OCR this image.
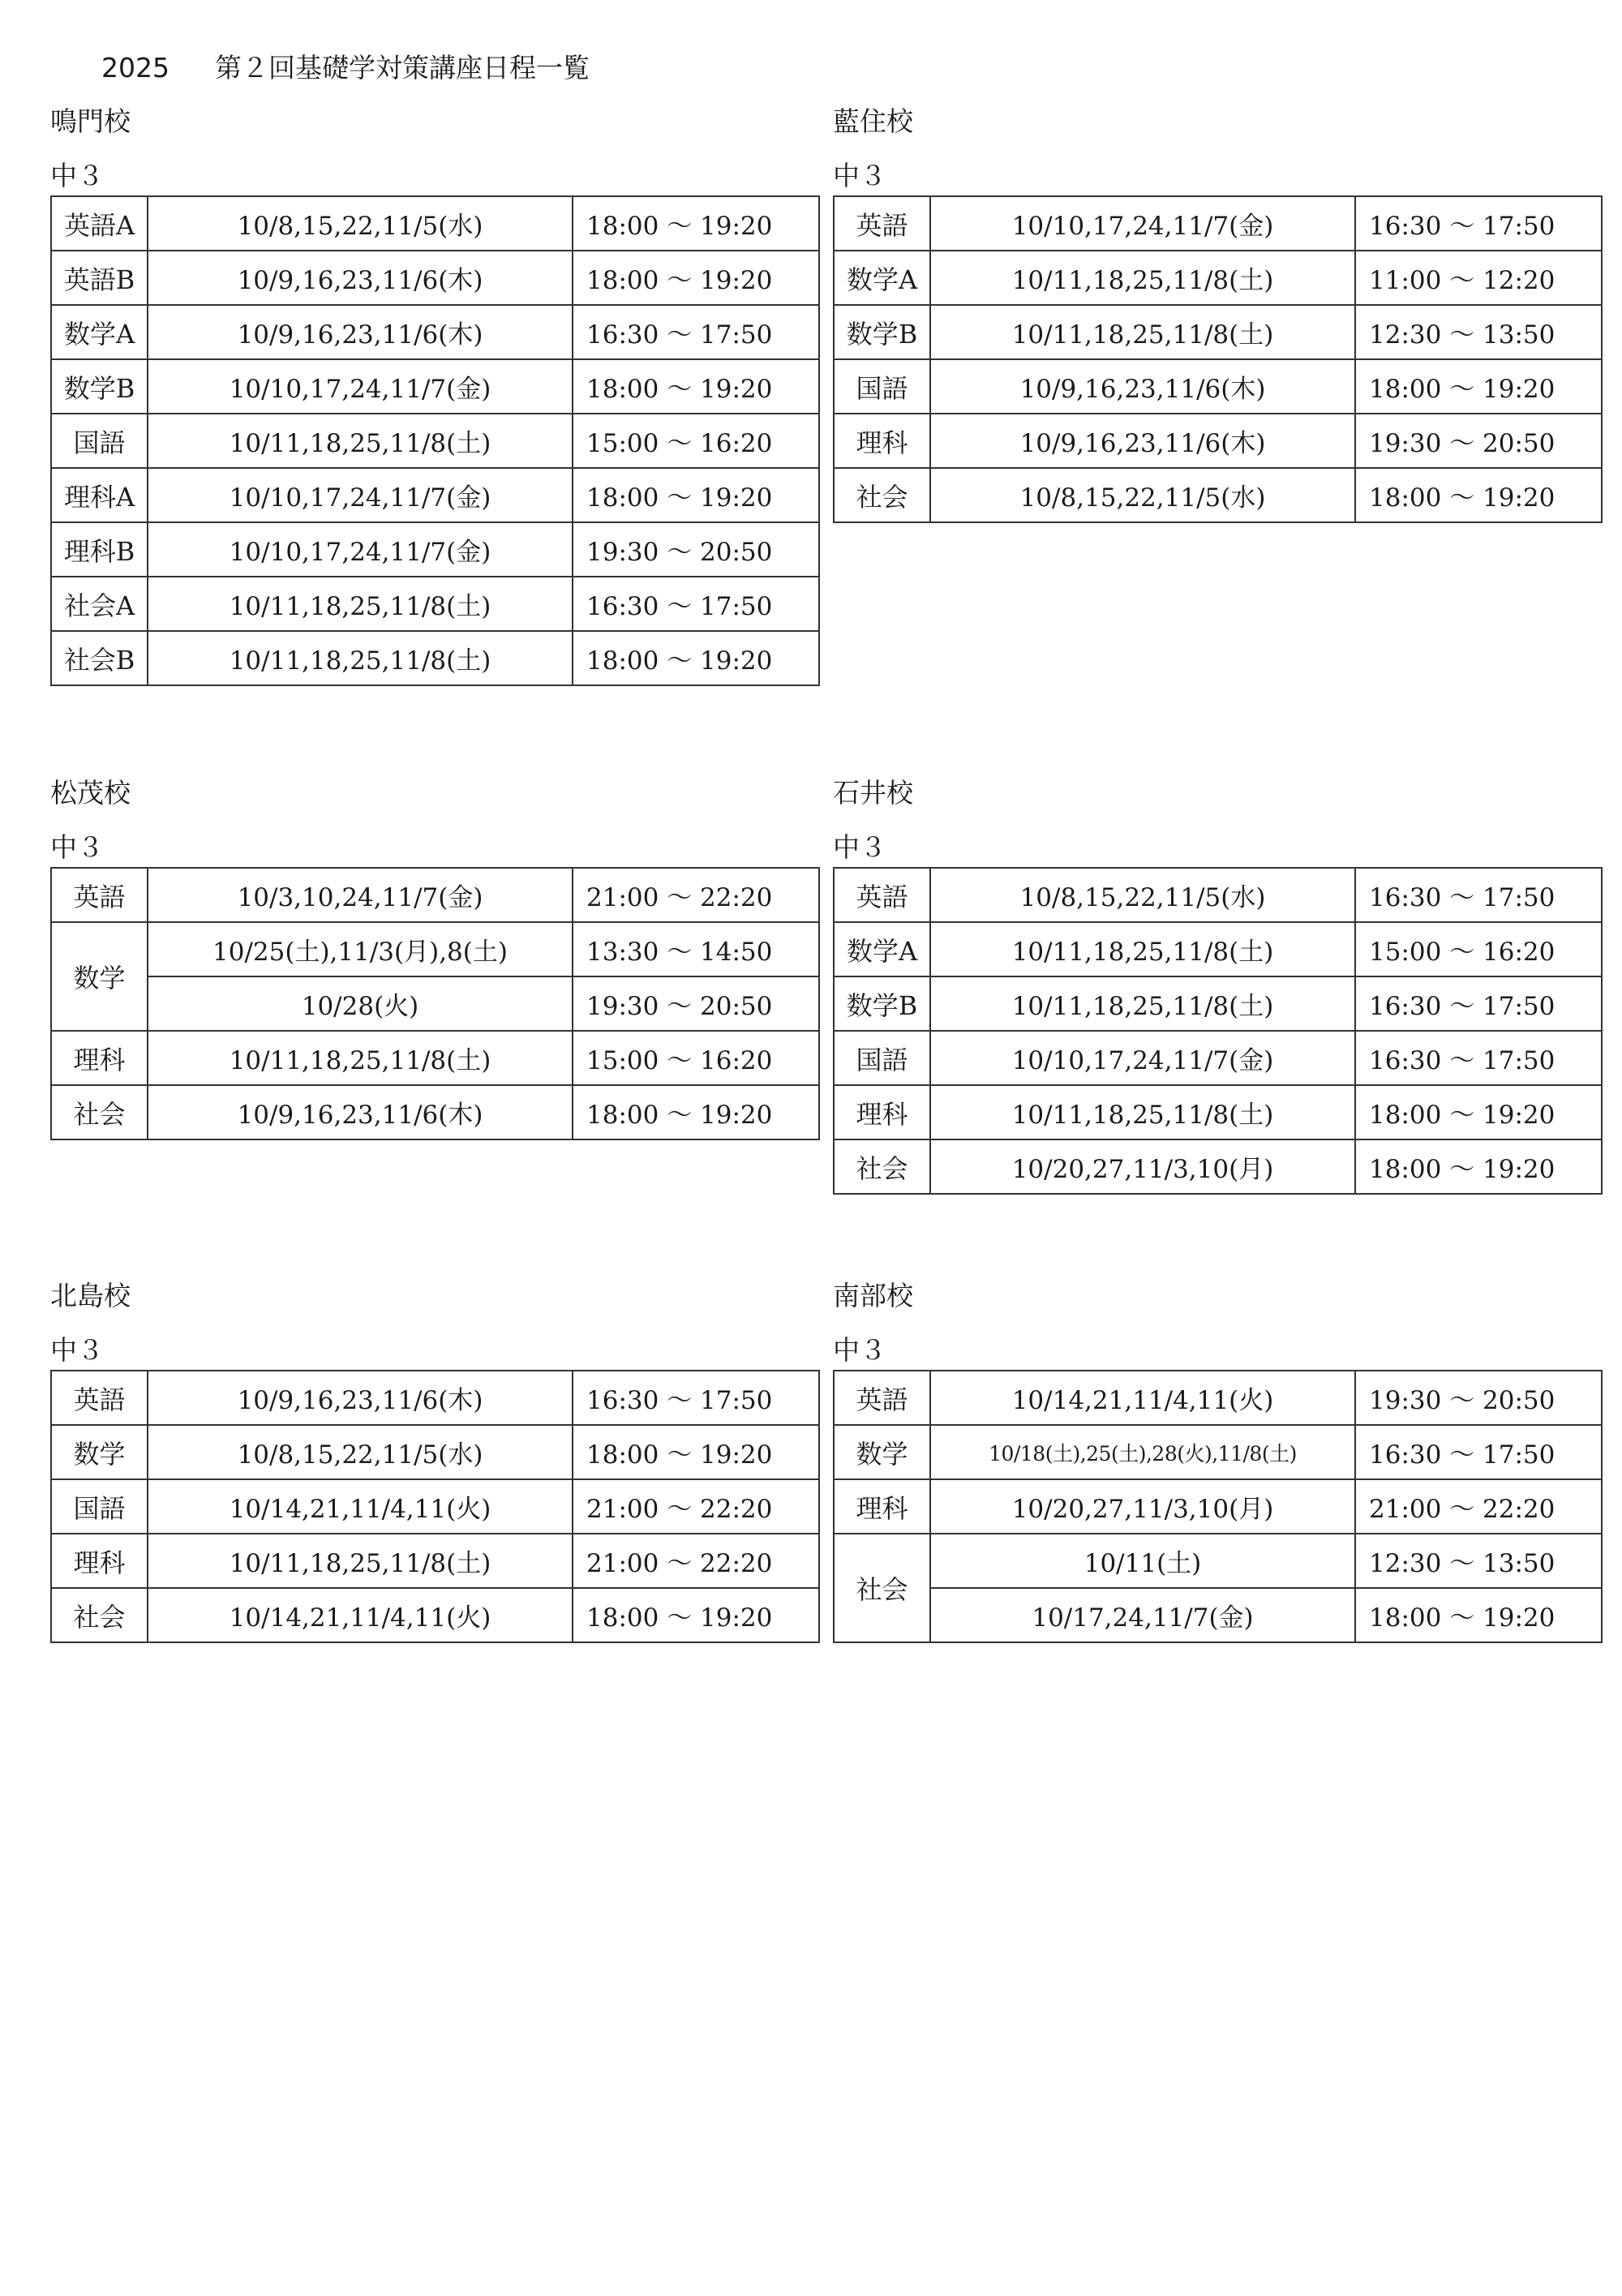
2025 第２回基礎学対策講座日程一覧
鳴門校
中３
英語A	10/8,15,22,11/5(水)	18:00 ～ 19:20
英語B	10/9,16,23,11/6(木)	18:00 ～ 19:20
数学A	10/9,16,23,11/6(木)	16:30 ～ 17:50
数学B	10/10,17,24,11/7(金)	18:00 ～ 19:20
国語	10/11,18,25,11/8(土)	15:00 ～ 16:20
理科A	10/10,17,24,11/7(金)	18:00 ～ 19:20
理科B	10/10,17,24,11/7(金)	19:30 ～ 20:50
社会A	10/11,18,25,11/8(土)	16:30 ～ 17:50
社会B	10/11,18,25,11/8(土)	18:00 ～ 19:20
藍住校
中３
英語	10/10,17,24,11/7(金)	16:30 ～ 17:50
数学A	10/11,18,25,11/8(土)	11:00 ～ 12:20
数学B	10/11,18,25,11/8(土)	12:30 ～ 13:50
国語	10/9,16,23,11/6(木)	18:00 ～ 19:20
理科	10/9,16,23,11/6(木)	19:30 ～ 20:50
社会	10/8,15,22,11/5(水)	18:00 ～ 19:20
松茂校
中３
英語	10/3,10,24,11/7(金)	21:00 ～ 22:20
数学	10/25(土),11/3(月),8(土)	13:30 ～ 14:50
	10/28(火)	19:30 ～ 20:50
理科	10/11,18,25,11/8(土)	15:00 ～ 16:20
社会	10/9,16,23,11/6(木)	18:00 ～ 19:20
石井校
中３
英語	10/8,15,22,11/5(水)	16:30 ～ 17:50
数学A	10/11,18,25,11/8(土)	15:00 ～ 16:20
数学B	10/11,18,25,11/8(土)	16:30 ～ 17:50
国語	10/10,17,24,11/7(金)	16:30 ～ 17:50
理科	10/11,18,25,11/8(土)	18:00 ～ 19:20
社会	10/20,27,11/3,10(月)	18:00 ～ 19:20
北島校
中３
英語	10/9,16,23,11/6(木)	16:30 ～ 17:50
数学	10/8,15,22,11/5(水)	18:00 ～ 19:20
国語	10/14,21,11/4,11(火)	21:00 ～ 22:20
理科	10/11,18,25,11/8(土)	21:00 ～ 22:20
社会	10/14,21,11/4,11(火)	18:00 ～ 19:20
南部校
中３
英語	10/14,21,11/4,11(火)	19:30 ～ 20:50
数学	10/18(土),25(土),28(火),11/8(土)	16:30 ～ 17:50
理科	10/20,27,11/3,10(月)	21:00 ～ 22:20
社会	10/11(土)	12:30 ～ 13:50
	10/17,24,11/7(金)	18:00 ～ 19:20
